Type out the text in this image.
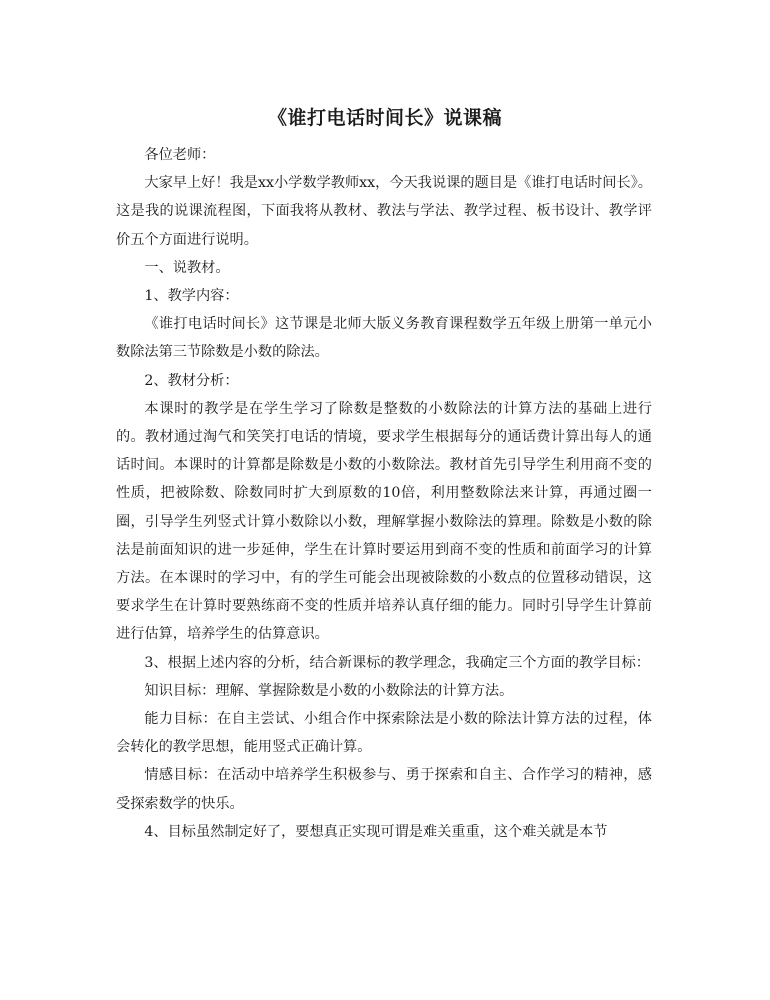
《谁打电话时间长》说课稿

各位老师：

大家早上好！我是xx小学数学教师xx，今天我说课的题目是《谁打电话时间长》。这是我的说课流程图，下面我将从教材、教法与学法、教学过程、板书设计、教学评价五个方面进行说明。

一、说教材。

1、教学内容：

《谁打电话时间长》这节课是北师大版义务教育课程数学五年级上册第一单元小数除法第三节除数是小数的除法。

2、教材分析：

本课时的教学是在学生学习了除数是整数的小数除法的计算方法的基础上进行的。教材通过淘气和笑笑打电话的情境，要求学生根据每分的通话费计算出每人的通话时间。本课时的计算都是除数是小数的小数除法。教材首先引导学生利用商不变的性质，把被除数、除数同时扩大到原数的10倍，利用整数除法来计算，再通过圈一圈，引导学生列竖式计算小数除以小数，理解掌握小数除法的算理。除数是小数的除法是前面知识的进一步延伸，学生在计算时要运用到商不变的性质和前面学习的计算方法。在本课时的学习中，有的学生可能会出现被除数的小数点的位置移动错误，这要求学生在计算时要熟练商不变的性质并培养认真仔细的能力。同时引导学生计算前进行估算，培养学生的估算意识。

3、根据上述内容的分析，结合新课标的教学理念，我确定三个方面的教学目标：

知识目标：理解、掌握除数是小数的小数除法的计算方法。

能力目标：在自主尝试、小组合作中探索除法是小数的除法计算方法的过程，体会转化的教学思想，能用竖式正确计算。

情感目标：在活动中培养学生积极参与、勇于探索和自主、合作学习的精神，感受探索数学的快乐。

4、目标虽然制定好了，要想真正实现可谓是难关重重，这个难关就是本节
